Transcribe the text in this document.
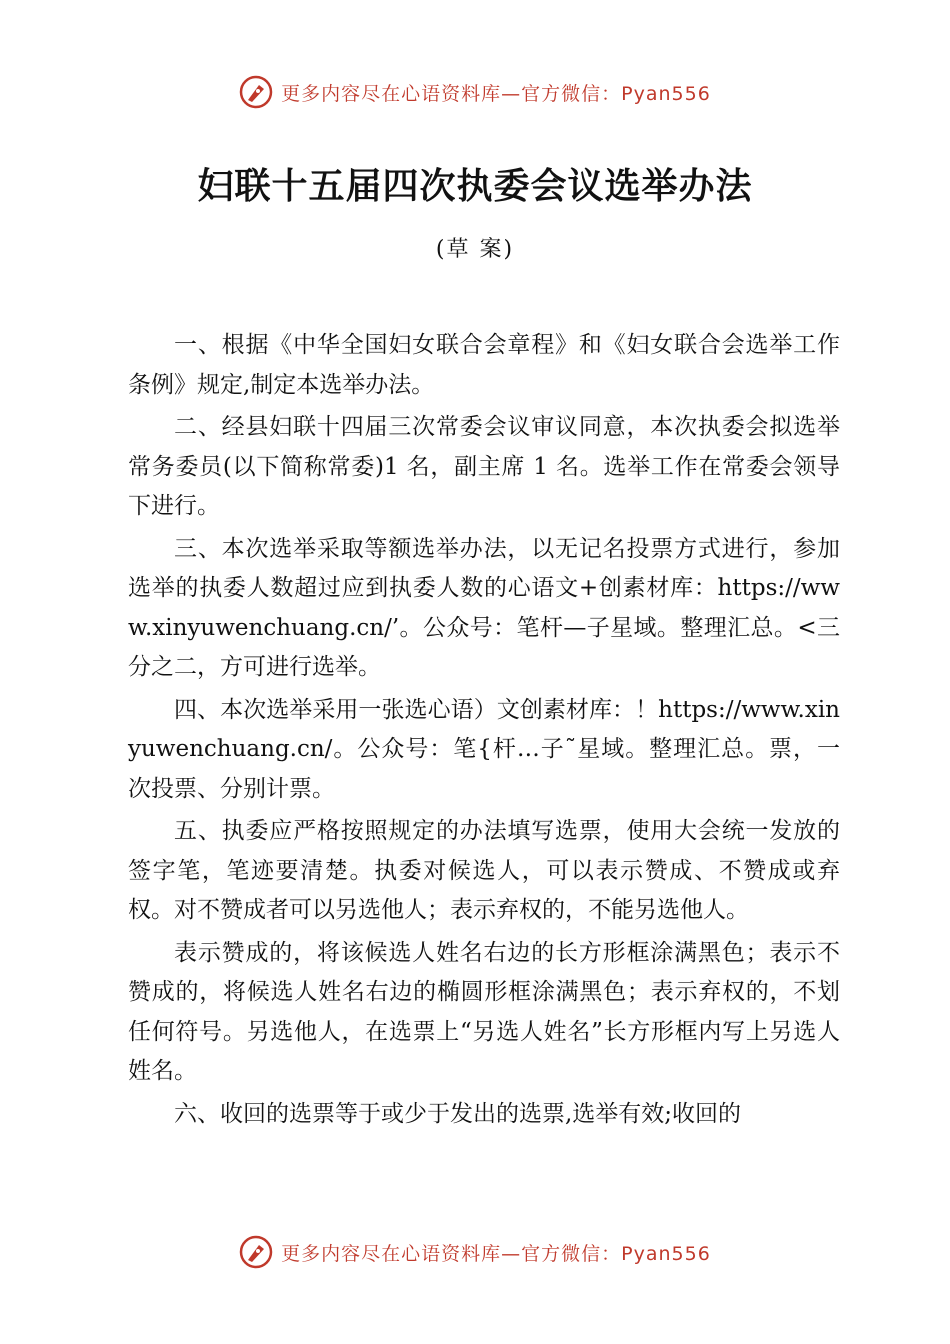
更多内容尽在心语资料库—官方微信：Pyan556
妇联十五届四次执委会议选举办法
(草 案)

一、根据《中华全国妇女联合会章程》和《妇女联合会选举工作条例》规定,制定本选举办法。

二、经县妇联十四届三次常委会议审议同意，本次执委会拟选举常务委员(以下简称常委)1 名，副主席 1 名。选举工作在常委会领导下进行。

三、本次选举采取等额选举办法，以无记名投票方式进行，参加选举的执委人数超过应到执委人数的心语文+创素材库：https://www.xinyuwenchuang.cn/’。公众号：笔杆—子星域。整理汇总。<三分之二，方可进行选举。

四、本次选举采用一张选心语）文创素材库：！https://www.xinyuwenchuang.cn/。公众号：笔{杆…子˜星域。整理汇总。票，一次投票、分别计票。

五、执委应严格按照规定的办法填写选票，使用大会统一发放的签字笔，笔迹要清楚。执委对候选人，可以表示赞成、不赞成或弃权。对不赞成者可以另选他人；表示弃权的，不能另选他人。

表示赞成的，将该候选人姓名右边的长方形框涂满黑色；表示不赞成的，将候选人姓名右边的椭圆形框涂满黑色；表示弃权的，不划任何符号。另选他人，在选票上“另选人姓名”长方形框内写上另选人姓名。

六、收回的选票等于或少于发出的选票,选举有效;收回的

更多内容尽在心语资料库—官方微信：Pyan556
